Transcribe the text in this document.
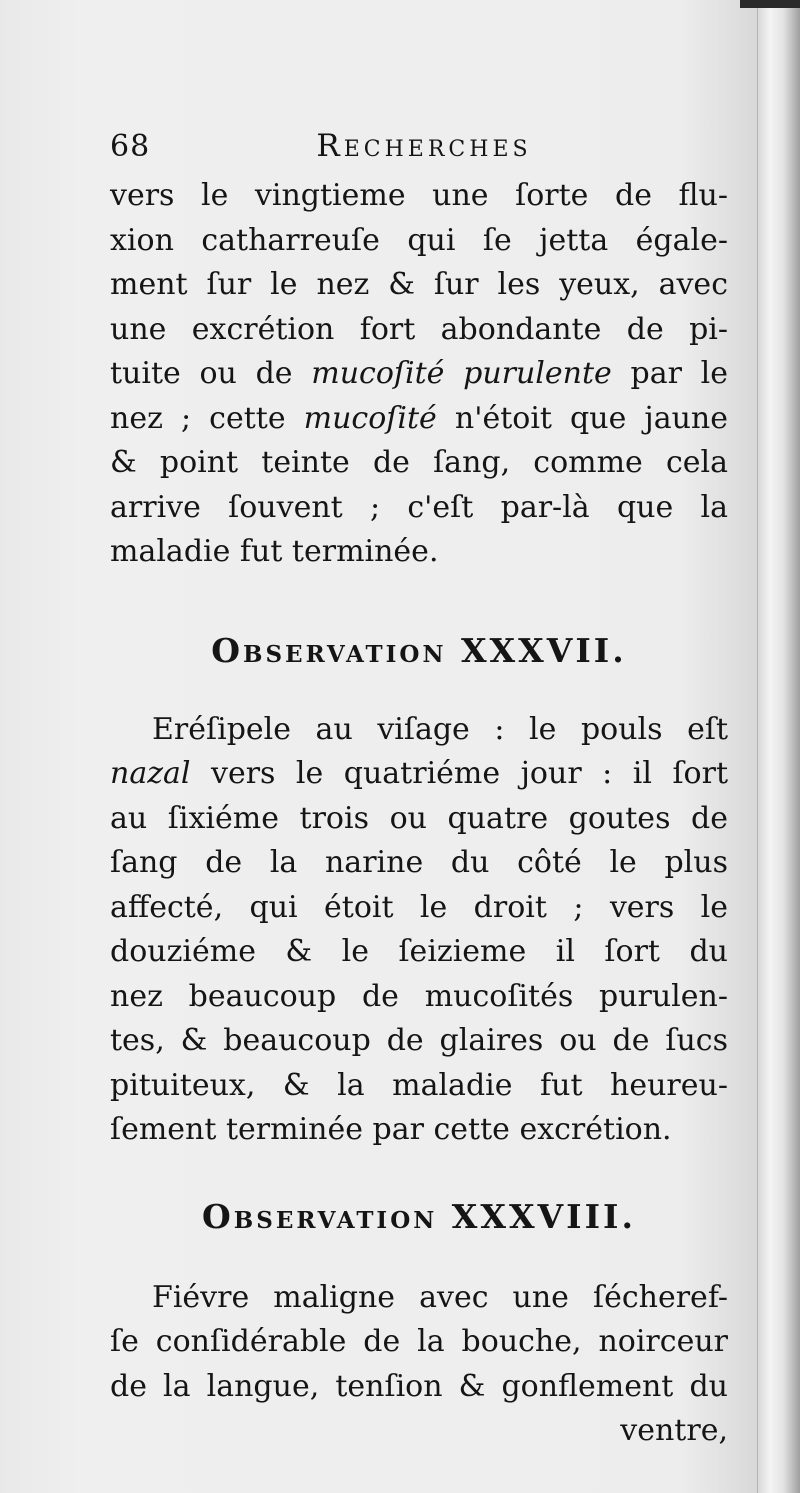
68	Recherches
vers le vingtieme une ſorte de flu-
xion catharreuſe qui ſe jetta égale-
ment ſur le nez & ſur les yeux, avec
une excrétion fort abondante de pi-
tuite ou de mucoſité purulente par le
nez ; cette mucoſité n'étoit que jaune
& point teinte de ſang, comme cela
arrive ſouvent ; c'eſt par-là que la
maladie fut terminée.
Observation XXXVII.
Eréſipele au viſage : le pouls eſt
nazal vers le quatriéme jour : il ſort
au ſixiéme trois ou quatre goutes de
ſang de la narine du côté le plus
affecté, qui étoit le droit ; vers le
douziéme & le ſeizieme il ſort du
nez beaucoup de mucoſités purulen-
tes, & beaucoup de glaires ou de ſucs
pituiteux, & la maladie fut heureu-
ſement terminée par cette excrétion.
Observation XXXVIII.
Fiévre maligne avec une ſécheref-
ſe conſidérable de la bouche, noirceur
de la langue, tenſion & gonflement du
ventre,
